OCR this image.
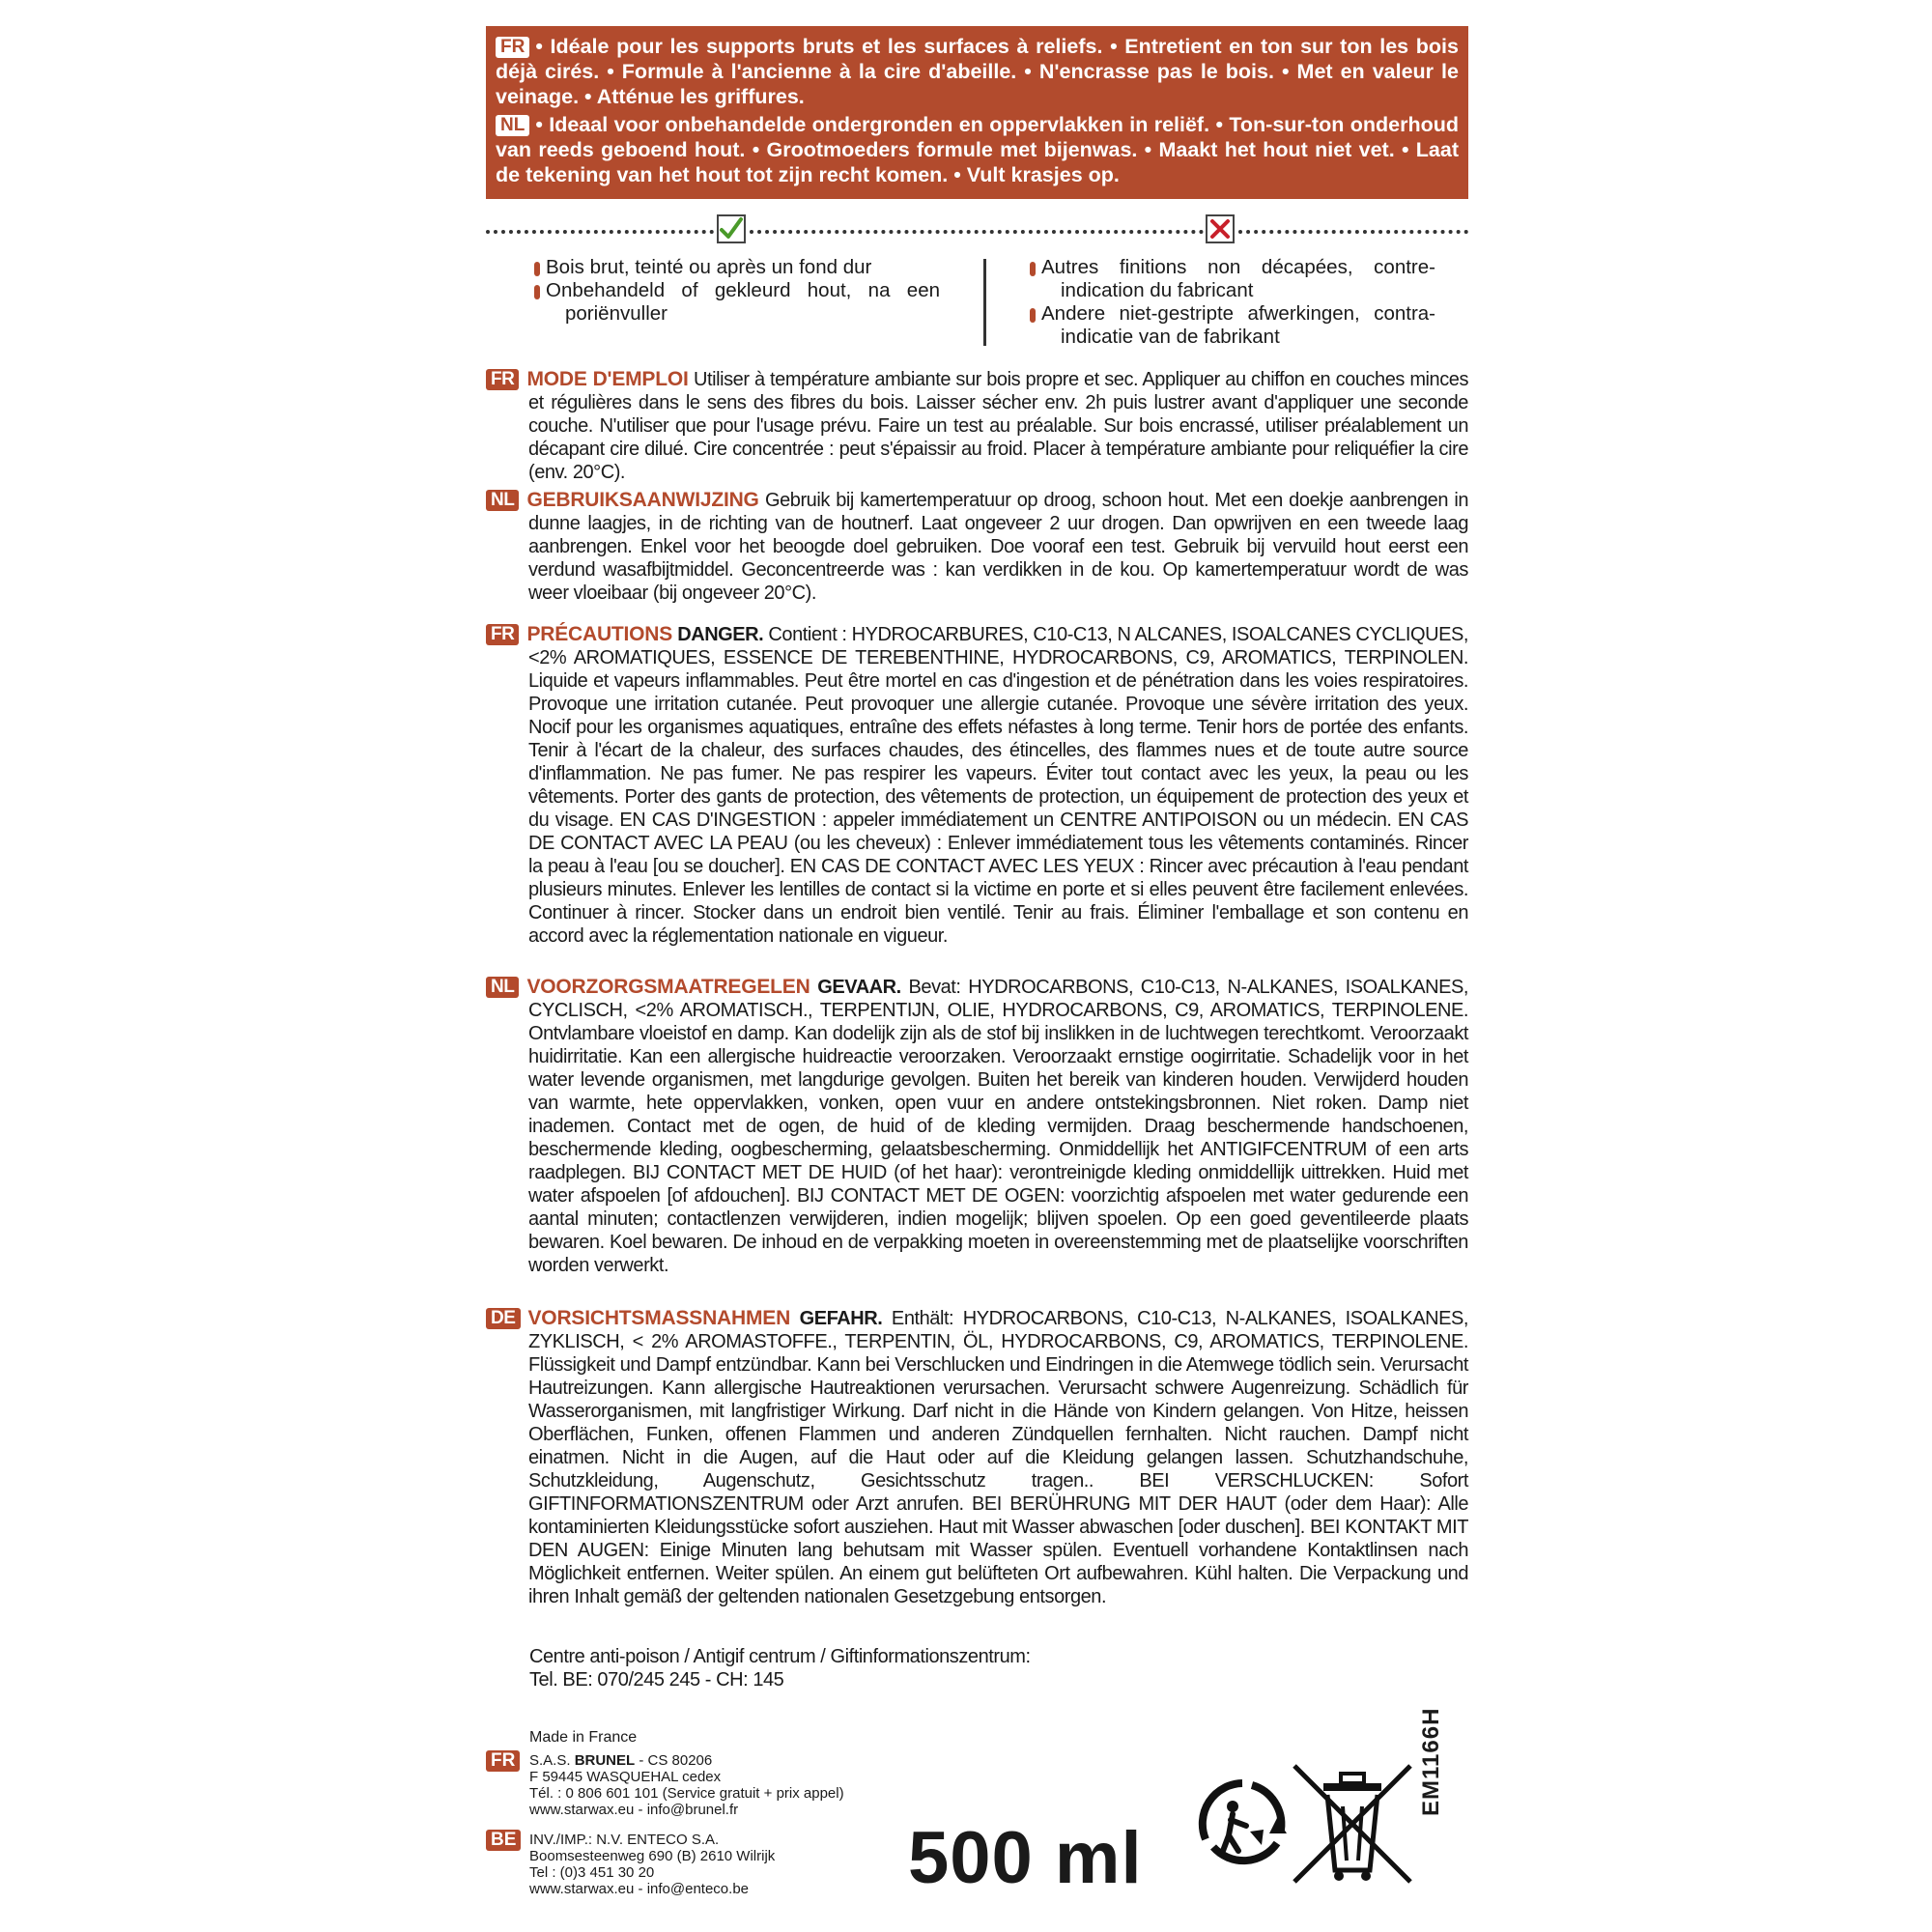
FR • Idéale pour les supports bruts et les surfaces à reliefs. • Entretient en ton sur ton les bois déjà cirés. • Formule à l'ancienne à la cire d'abeille. • N'encrasse pas le bois. • Met en valeur le veinage. • Atténue les griffures.

NL • Ideaal voor onbehandelde ondergronden en oppervlakken in reliëf. • Ton-sur-ton onderhoud van reeds geboend hout. • Grootmoeders formule met bijenwas. • Maakt het hout niet vet. • Laat de tekening van het hout tot zijn recht komen. • Vult krasjes op.

FR Bois brut, teinté ou après un fond dur

NL Onbehandeld of gekleurd hout, na een poriënvuller

FR Autres finitions non décapées, contre-indication du fabricant

NL Andere niet-gestripte afwerkingen, contra-indicatie van de fabrikant

FR MODE D'EMPLOI Utiliser à température ambiante sur bois propre et sec. Appliquer au chiffon en couches minces et régulières dans le sens des fibres du bois. Laisser sécher env. 2h puis lustrer avant d'appliquer une seconde couche. N'utiliser que pour l'usage prévu. Faire un test au préalable. Sur bois encrassé, utiliser préalablement un décapant cire dilué. Cire concentrée : peut s'épaissir au froid. Placer à température ambiante pour reliquéfier la cire (env. 20°C).

NL GEBRUIKSAANWIJZING Gebruik bij kamertemperatuur op droog, schoon hout. Met een doekje aanbrengen in dunne laagjes, in de richting van de houtnerf. Laat ongeveer 2 uur drogen. Dan opwrijven en een tweede laag aanbrengen. Enkel voor het beoogde doel gebruiken. Doe vooraf een test. Gebruik bij vervuild hout eerst een verdund wasafbijtmiddel. Geconcentreerde was : kan verdikken in de kou. Op kamertemperatuur wordt de was weer vloeibaar (bij ongeveer 20°C).

FR PRÉCAUTIONS DANGER. Contient : HYDROCARBURES, C10-C13, N ALCANES, ISOALCANES CYCLIQUES, <2% AROMATIQUES, ESSENCE DE TEREBENTHINE, HYDROCARBONS, C9, AROMATICS, TERPINOLEN. Liquide et vapeurs inflammables. Peut être mortel en cas d'ingestion et de pénétration dans les voies respiratoires. Provoque une irritation cutanée. Peut provoquer une allergie cutanée. Provoque une sévère irritation des yeux. Nocif pour les organismes aquatiques, entraîne des effets néfastes à long terme. Tenir hors de portée des enfants. Tenir à l'écart de la chaleur, des surfaces chaudes, des étincelles, des flammes nues et de toute autre source d'inflammation. Ne pas fumer. Ne pas respirer les vapeurs. Éviter tout contact avec les yeux, la peau ou les vêtements. Porter des gants de protection, des vêtements de protection, un équipement de protection des yeux et du visage. EN CAS D'INGESTION : appeler immédiatement un CENTRE ANTIPOISON ou un médecin. EN CAS DE CONTACT AVEC LA PEAU (ou les cheveux) : Enlever immédiatement tous les vêtements contaminés. Rincer la peau à l'eau [ou se doucher]. EN CAS DE CONTACT AVEC LES YEUX : Rincer avec précaution à l'eau pendant plusieurs minutes. Enlever les lentilles de contact si la victime en porte et si elles peuvent être facilement enlevées. Continuer à rincer. Stocker dans un endroit bien ventilé. Tenir au frais. Éliminer l'emballage et son contenu en accord avec la réglementation nationale en vigueur.

NL VOORZORGSMAATREGELEN GEVAAR. Bevat: HYDROCARBONS, C10-C13, N-ALKANES, ISOALKANES, CYCLISCH, <2% AROMATISCH., TERPENTIJN, OLIE, HYDROCARBONS, C9, AROMATICS, TERPINOLENE. Ontvlambare vloeistof en damp. Kan dodelijk zijn als de stof bij inslikken in de luchtwegen terechtkomt. Veroorzaakt huidirritatie. Kan een allergische huidreactie veroorzaken. Veroorzaakt ernstige oogirritatie. Schadelijk voor in het water levende organismen, met langdurige gevolgen. Buiten het bereik van kinderen houden. Verwijderd houden van warmte, hete oppervlakken, vonken, open vuur en andere ontstekingsbronnen. Niet roken. Damp niet inademen. Contact met de ogen, de huid of de kleding vermijden. Draag beschermende handschoenen, beschermende kleding, oogbescherming, gelaatsbescherming. Onmiddellijk het ANTIGIFCENTRUM of een arts raadplegen. BIJ CONTACT MET DE HUID (of het haar): verontreinigde kleding onmiddellijk uittrekken. Huid met water afspoelen [of afdouchen]. BIJ CONTACT MET DE OGEN: voorzichtig afspoelen met water gedurende een aantal minuten; contactlenzen verwijderen, indien mogelijk; blijven spoelen. Op een goed geventileerde plaats bewaren. Koel bewaren. De inhoud en de verpakking moeten in overeenstemming met de plaatselijke voorschriften worden verwerkt.

DE VORSICHTSMASSNAHMEN GEFAHR. Enthält: HYDROCARBONS, C10-C13, N-ALKANES, ISOALKANES, ZYKLISCH, < 2% AROMASTOFFE., TERPENTIN, ÖL, HYDROCARBONS, C9, AROMATICS, TERPINOLENE. Flüssigkeit und Dampf entzündbar. Kann bei Verschlucken und Eindringen in die Atemwege tödlich sein. Verursacht Hautreizungen. Kann allergische Hautreaktionen verursachen. Verursacht schwere Augenreizung. Schädlich für Wasserorganismen, mit langfristiger Wirkung. Darf nicht in die Hände von Kindern gelangen. Von Hitze, heissen Oberflächen, Funken, offenen Flammen und anderen Zündquellen fernhalten. Nicht rauchen. Dampf nicht einatmen. Nicht in die Augen, auf die Haut oder auf die Kleidung gelangen lassen. Schutzhandschuhe, Schutzkleidung, Augenschutz, Gesichtsschutz tragen.. BEI VERSCHLUCKEN: Sofort GIFTINFORMATIONSZENTRUM oder Arzt anrufen. BEI BERÜHRUNG MIT DER HAUT (oder dem Haar): Alle kontaminierten Kleidungsstücke sofort ausziehen. Haut mit Wasser abwaschen [oder duschen]. BEI KONTAKT MIT DEN AUGEN: Einige Minuten lang behutsam mit Wasser spülen. Eventuell vorhandene Kontaktlinsen nach Möglichkeit entfernen. Weiter spülen. An einem gut belüfteten Ort aufbewahren. Kühl halten. Die Verpackung und ihren Inhalt gemäß der geltenden nationalen Gesetzgebung entsorgen.

Centre anti-poison / Antigif centrum / Giftinformationszentrum:

Tel. BE: 070/245 245 - CH: 145

Made in France

FR S.A.S. BRUNEL - CS 80206

F 59445 WASQUEHAL cedex

Tél. : 0 806 601 101 (Service gratuit + prix appel)

www.starwax.eu - info@brunel.fr

BE INV./IMP.: N.V. ENTECO S.A.

Boomsesteenweg 690 (B) 2610 Wilrijk

Tel : (0)3 451 30 20

www.starwax.eu - info@enteco.be	500 ml
EM1166H
